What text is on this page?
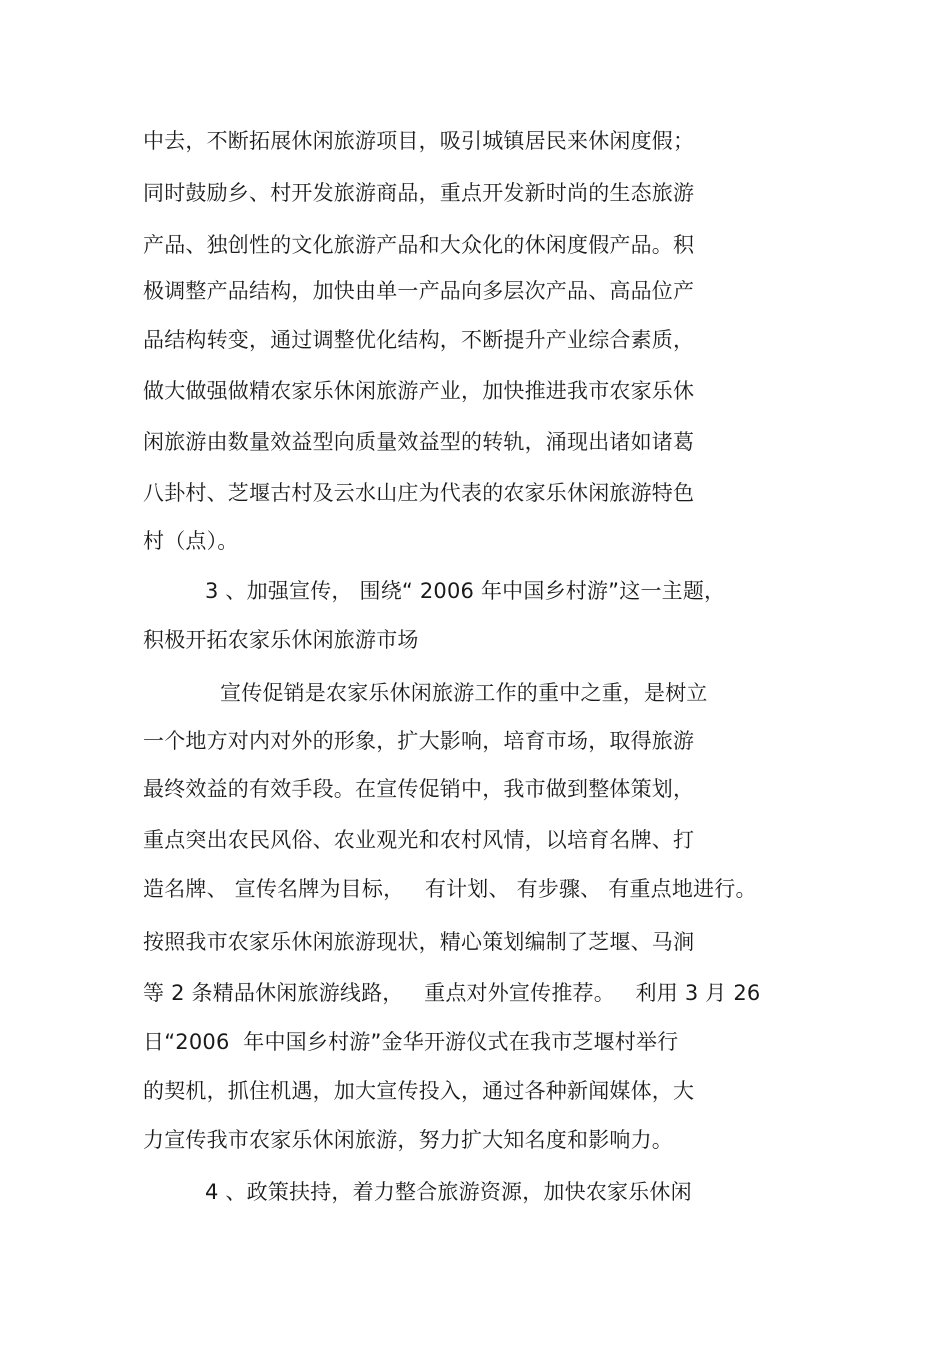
中去，不断拓展休闲旅游项目，吸引城镇居民来休闲度假；
同时鼓励乡、村开发旅游商品，重点开发新时尚的生态旅游
产品、独创性的文化旅游产品和大众化的休闲度假产品。积
极调整产品结构，加快由单一产品向多层次产品、高品位产
品结构转变，通过调整优化结构，不断提升产业综合素质，
做大做强做精农家乐休闲旅游产业，加快推进我市农家乐休
闲旅游由数量效益型向质量效益型的转轨，涌现出诸如诸葛
八卦村、芝堰古村及云水山庄为代表的农家乐休闲旅游特色
村（点）。
3 、加强宣传， 围绕“ 2006 年中国乡村游”这一主题，
积极开拓农家乐休闲旅游市场
宣传促销是农家乐休闲旅游工作的重中之重，是树立
一个地方对内对外的形象，扩大影响，培育市场，取得旅游
最终效益的有效手段。在宣传促销中，我市做到整体策划，
重点突出农民风俗、农业观光和农村风情，以培育名牌、打
造名牌、 宣传名牌为目标，   有计划、 有步骤、 有重点地进行。
按照我市农家乐休闲旅游现状，精心策划编制了芝堰、马涧
等 2 条精品休闲旅游线路，   重点对外宣传推荐。   利用 3 月 26
日“2006  年中国乡村游”金华开游仪式在我市芝堰村举行
的契机，抓住机遇，加大宣传投入，通过各种新闻媒体，大
力宣传我市农家乐休闲旅游，努力扩大知名度和影响力。
4 、政策扶持，着力整合旅游资源，加快农家乐休闲
